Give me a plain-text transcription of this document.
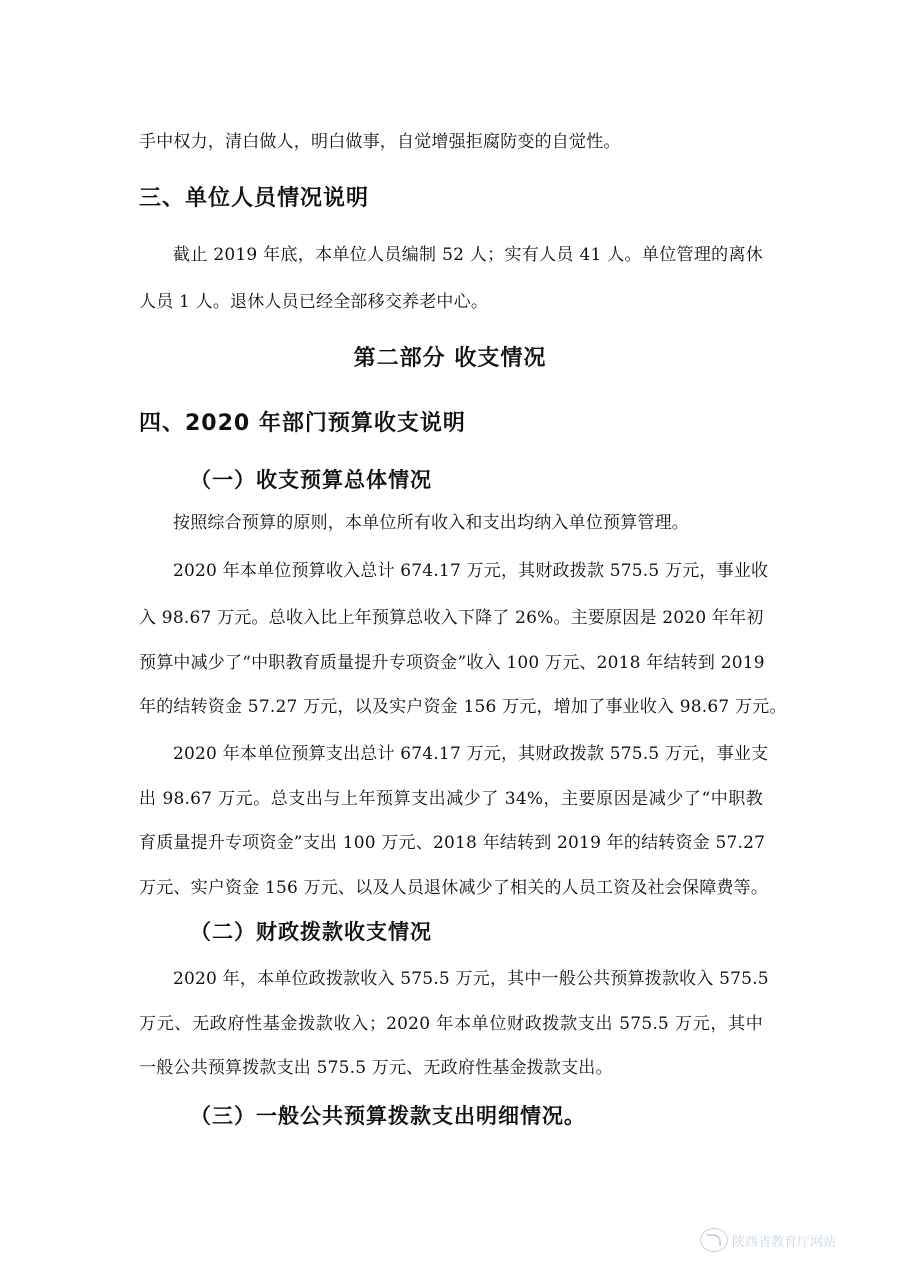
手中权力，清白做人，明白做事，自觉增强拒腐防变的自觉性。
三、单位人员情况说明
截止 2019 年底，本单位人员编制 52 人；实有人员 41 人。单位管理的离休
人员 1 人。退休人员已经全部移交养老中心。
第二部分 收支情况
四、2020 年部门预算收支说明
（一）收支预算总体情况
按照综合预算的原则，本单位所有收入和支出均纳入单位预算管理。
2020 年本单位预算收入总计 674.17 万元，其财政拨款 575.5 万元，事业收
入 98.67 万元。总收入比上年预算总收入下降了 26%。主要原因是 2020 年年初
预算中减少了“中职教育质量提升专项资金”收入 100 万元、2018 年结转到 2019
年的结转资金 57.27 万元，以及实户资金 156 万元，增加了事业收入 98.67 万元。
2020 年本单位预算支出总计 674.17 万元，其财政拨款 575.5 万元，事业支
出 98.67 万元。总支出与上年预算支出减少了 34%，主要原因是减少了“中职教
育质量提升专项资金”支出 100 万元、2018 年结转到 2019 年的结转资金 57.27
万元、实户资金 156 万元、以及人员退休减少了相关的人员工资及社会保障费等。
（二）财政拨款收支情况
2020 年，本单位政拨款收入 575.5 万元，其中一般公共预算拨款收入 575.5
万元、无政府性基金拨款收入；2020 年本单位财政拨款支出 575.5 万元，其中
一般公共预算拨款支出 575.5 万元、无政府性基金拨款支出。
（三）一般公共预算拨款支出明细情况。
陕西省教育厅网站
